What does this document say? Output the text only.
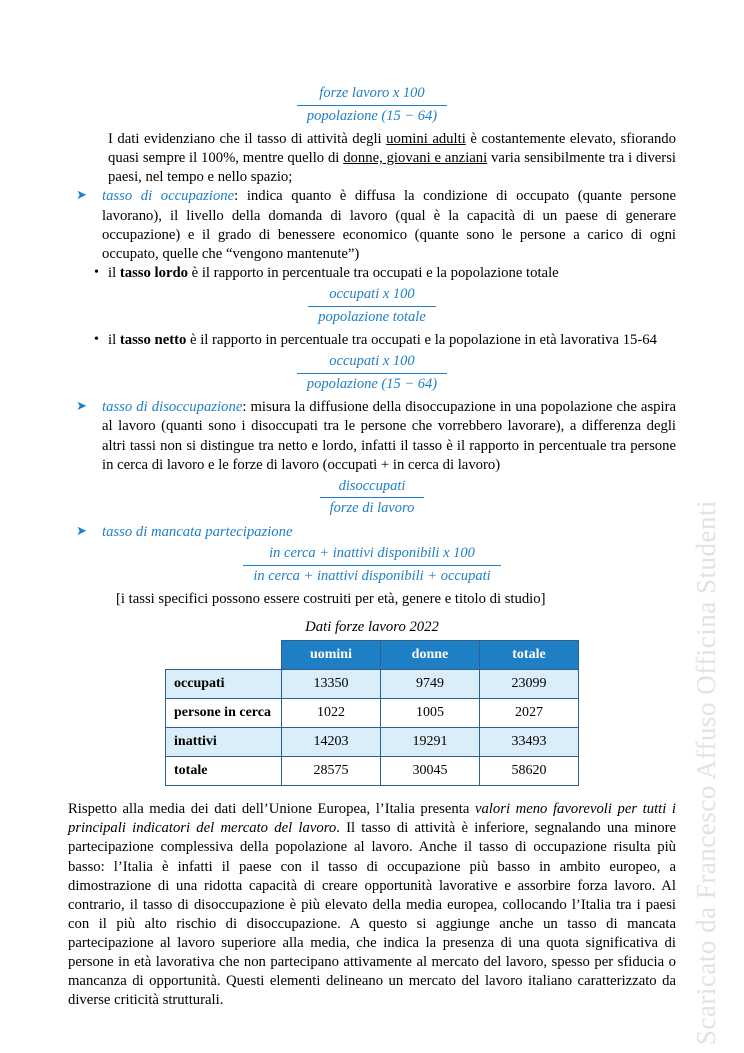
Scaricato da Francesco Affuso Officina Studenti
$\frac{\text{forze lavoro x 100}}{\text{popolazione (15 − 64)}}$

I dati evidenziano che il tasso di attività degli uomini adulti è costantemente elevato, sfiorando quasi sempre il 100%, mentre quello di donne, giovani e anziani varia sensibilmente tra i diversi paesi, nel tempo e nello spazio;

➤	tasso di occupazione: indica quanto è diffusa la condizione di occupato (quante persone lavorano), il livello della domanda di lavoro (qual è la capacità di un paese di generare occupazione) e il grado di benessere economico (quante sono le persone a carico di ogni occupato, quelle che “vengono mantenute”)
• il tasso lordo è il rapporto in percentuale tra occupati e la popolazione totale
$\frac{\text{occupati x 100}}{\text{popolazione totale}}$
• il tasso netto è il rapporto in percentuale tra occupati e la popolazione in età lavorativa 15-64
$\frac{\text{occupati x 100}}{\text{popolazione (15 − 64)}}$
➤	tasso di disoccupazione: misura la diffusione della disoccupazione in una popolazione che aspira al lavoro (quanti sono i disoccupati tra le persone che vorrebbero lavorare), a differenza degli altri tassi non si distingue tra netto e lordo, infatti il tasso è il rapporto in percentuale tra persone in cerca di lavoro e le forze di lavoro (occupati + in cerca di lavoro)
$\frac{\text{disoccupati}}{\text{forze di lavoro}}$
➤	tasso di mancata partecipazione
$\frac{\text{in cerca + inattivi disponibili x 100}}{\text{in cerca + inattivi disponibili + occupati}}$

[i tassi specifici possono essere costruiti per età, genere e titolo di studio]

Dati forze lavoro 2022
	uomini	donne	totale
occupati	13350	9749	23099
persone in cerca	1022	1005	2027
inattivi	14203	19291	33493
totale	28575	30045	58620

Rispetto alla media dei dati dell’Unione Europea, l’Italia presenta valori meno favorevoli per tutti i principali indicatori del mercato del lavoro. Il tasso di attività è inferiore, segnalando una minore partecipazione complessiva della popolazione al lavoro. Anche il tasso di occupazione risulta più basso: l’Italia è infatti il paese con il tasso di occupazione più basso in ambito europeo, a dimostrazione di una ridotta capacità di creare opportunità lavorative e assorbire forza lavoro. Al contrario, il tasso di disoccupazione è più elevato della media europea, collocando l’Italia tra i paesi con il più alto rischio di disoccupazione. A questo si aggiunge anche un tasso di mancata partecipazione al lavoro superiore alla media, che indica la presenza di una quota significativa di persone in età lavorativa che non partecipano attivamente al mercato del lavoro, spesso per sfiducia o mancanza di opportunità. Questi elementi delineano un mercato del lavoro italiano caratterizzato da diverse criticità strutturali.
